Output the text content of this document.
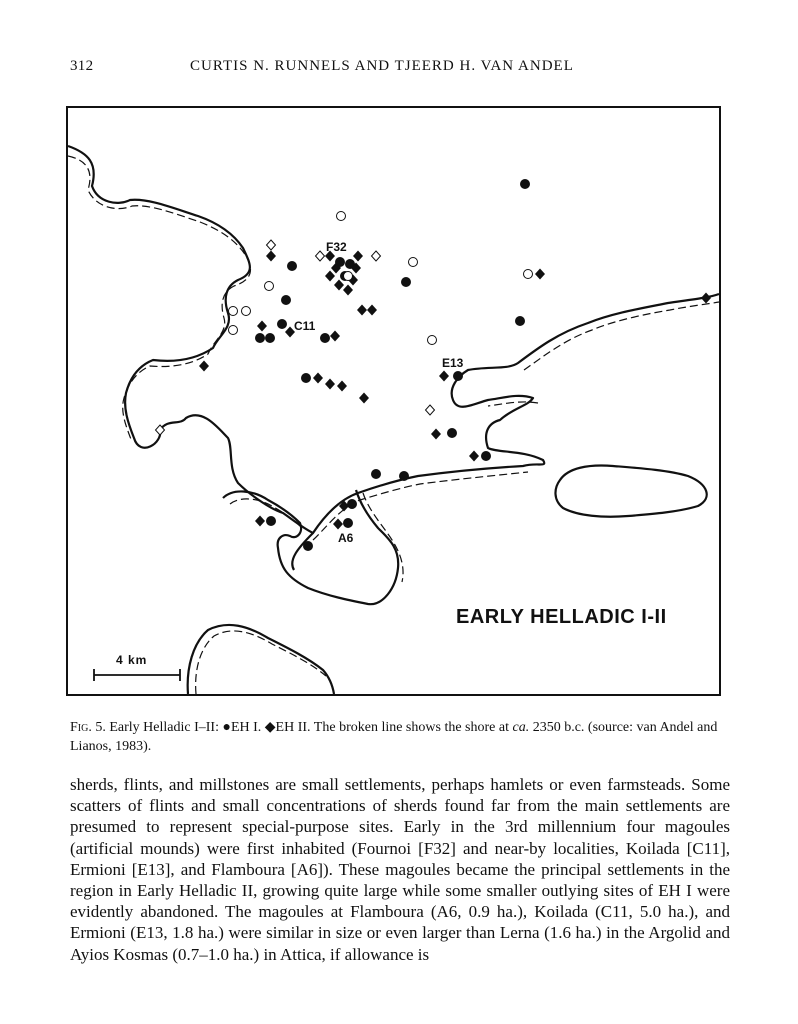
312	CURTIS N. RUNNELS AND TJEERD H. VAN ANDEL
F32
C11
E13
A6
EARLY HELLADIC I-II
4 km
Fig. 5. Early Helladic I–II: ●EH I. ◆EH II. The broken line shows the shore at ca. 2350 b.c. (source: van Andel and Lianos, 1983).

sherds, flints, and millstones are small settlements, perhaps hamlets or even farmsteads. Some scatters of flints and small concentrations of sherds found far from the main settlements are presumed to represent special-purpose sites. Early in the 3rd millennium four magoules (artificial mounds) were first inhabited (Fournoi [F32] and near-by localities, Koilada [C11], Ermioni [E13], and Flamboura [A6]). These magoules became the principal settlements in the region in Early Helladic II, growing quite large while some smaller outlying sites of EH I were evidently abandoned. The magoules at Flamboura (A6, 0.9 ha.), Koilada (C11, 5.0 ha.), and Ermioni (E13, 1.8 ha.) were similar in size or even larger than Lerna (1.6 ha.) in the Argolid and Ayios Kosmas (0.7–1.0 ha.) in Attica, if allowance is
